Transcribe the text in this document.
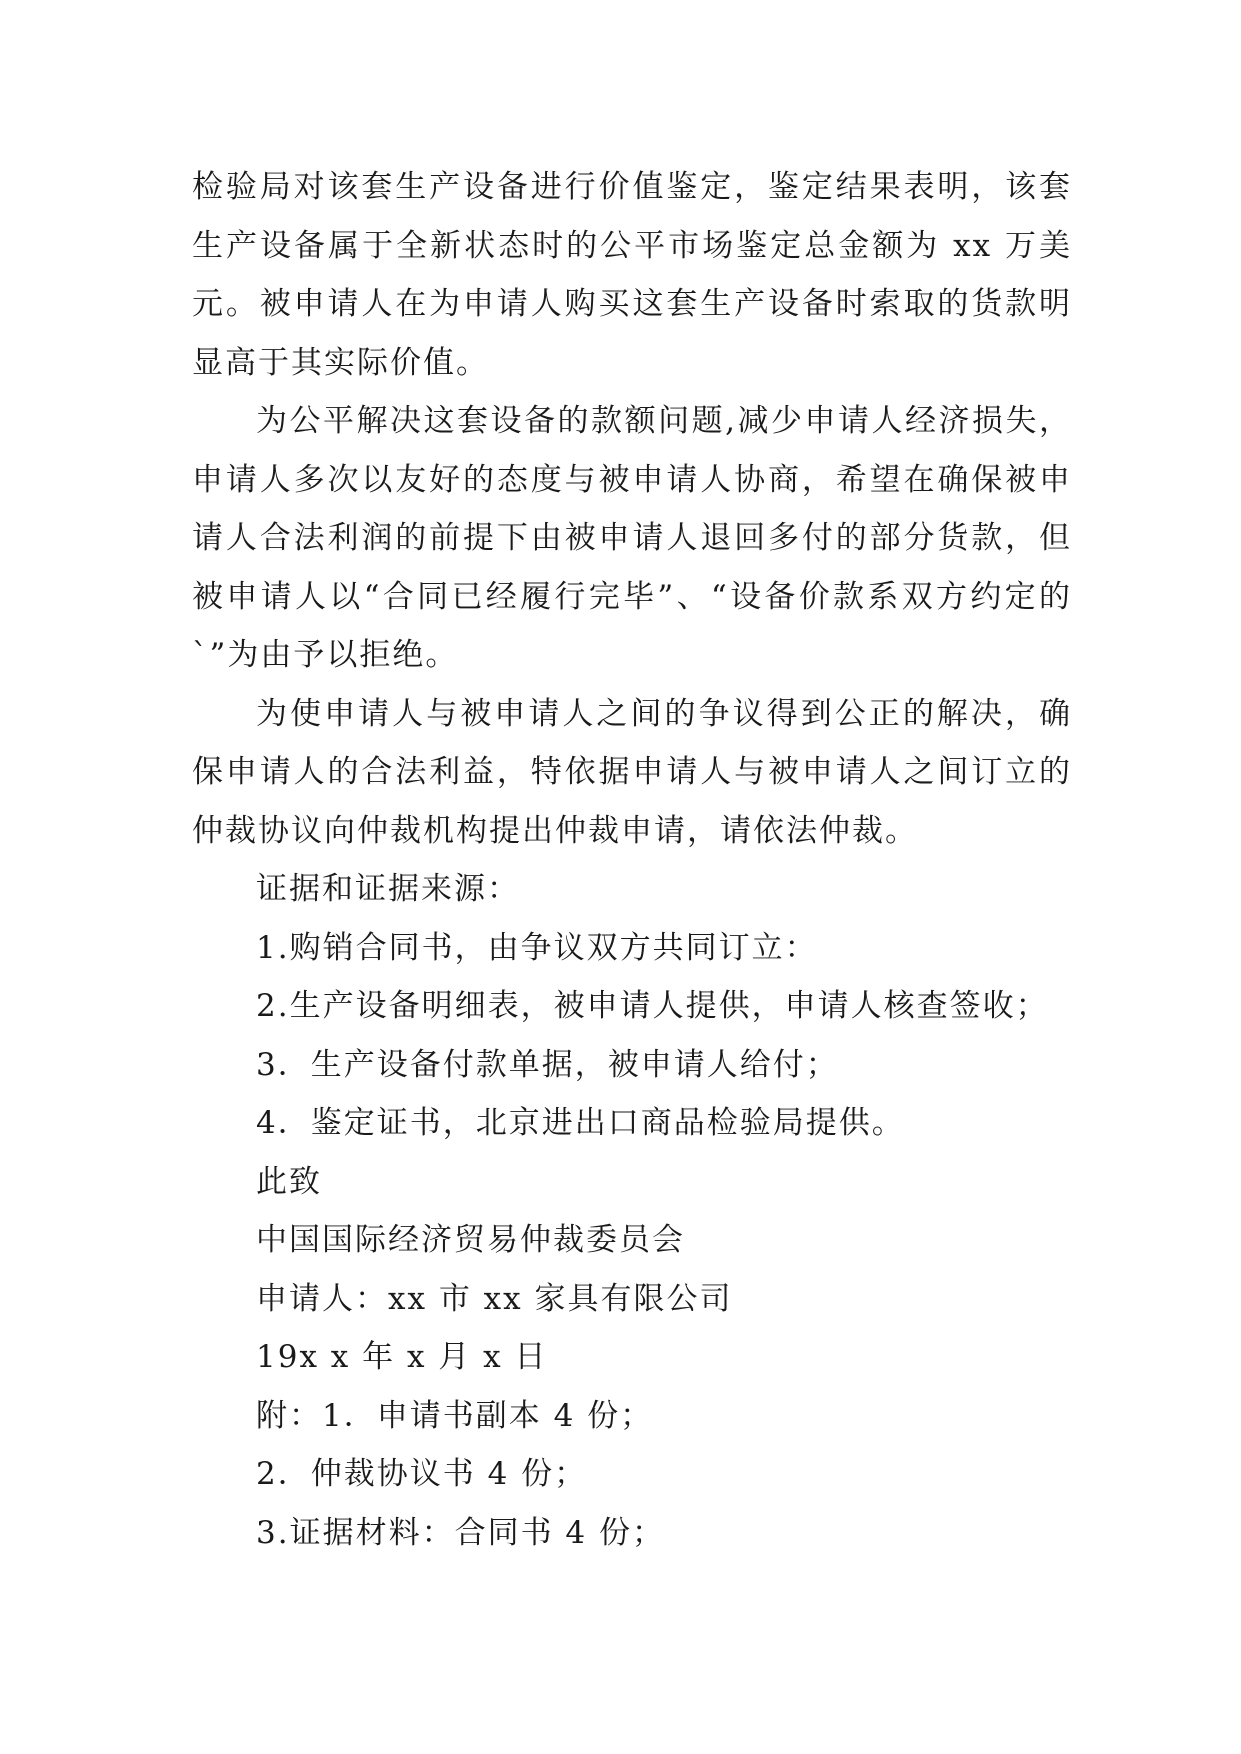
检验局对该套生产设备进行价值鉴定，鉴定结果表明，该套生产设备属于全新状态时的公平市场鉴定总金额为 xx 万美元。被申请人在为申请人购买这套生产设备时索取的货款明显高于其实际价值。

为公平解决这套设备的款额问题,减少申请人经济损失，申请人多次以友好的态度与被申请人协商，希望在确保被申请人合法利润的前提下由被申请人退回多付的部分货款，但被申请人以“合同已经履行完毕”、“设备价款系双方约定的`”为由予以拒绝。

为使申请人与被申请人之间的争议得到公正的解决，确保申请人的合法利益，特依据申请人与被申请人之间订立的仲裁协议向仲裁机构提出仲裁申请，请依法仲裁。

证据和证据来源：

1.购销合同书，由争议双方共同订立：

2.生产设备明细表，被申请人提供，申请人核查签收；

3．生产设备付款单据，被申请人给付；

4．鉴定证书，北京进出口商品检验局提供。

此致

中国国际经济贸易仲裁委员会

申请人：xx 市 xx 家具有限公司

19x x 年 x 月 x 日

附：1．申请书副本 4 份；

2．仲裁协议书 4 份；

3.证据材料：合同书 4 份；
